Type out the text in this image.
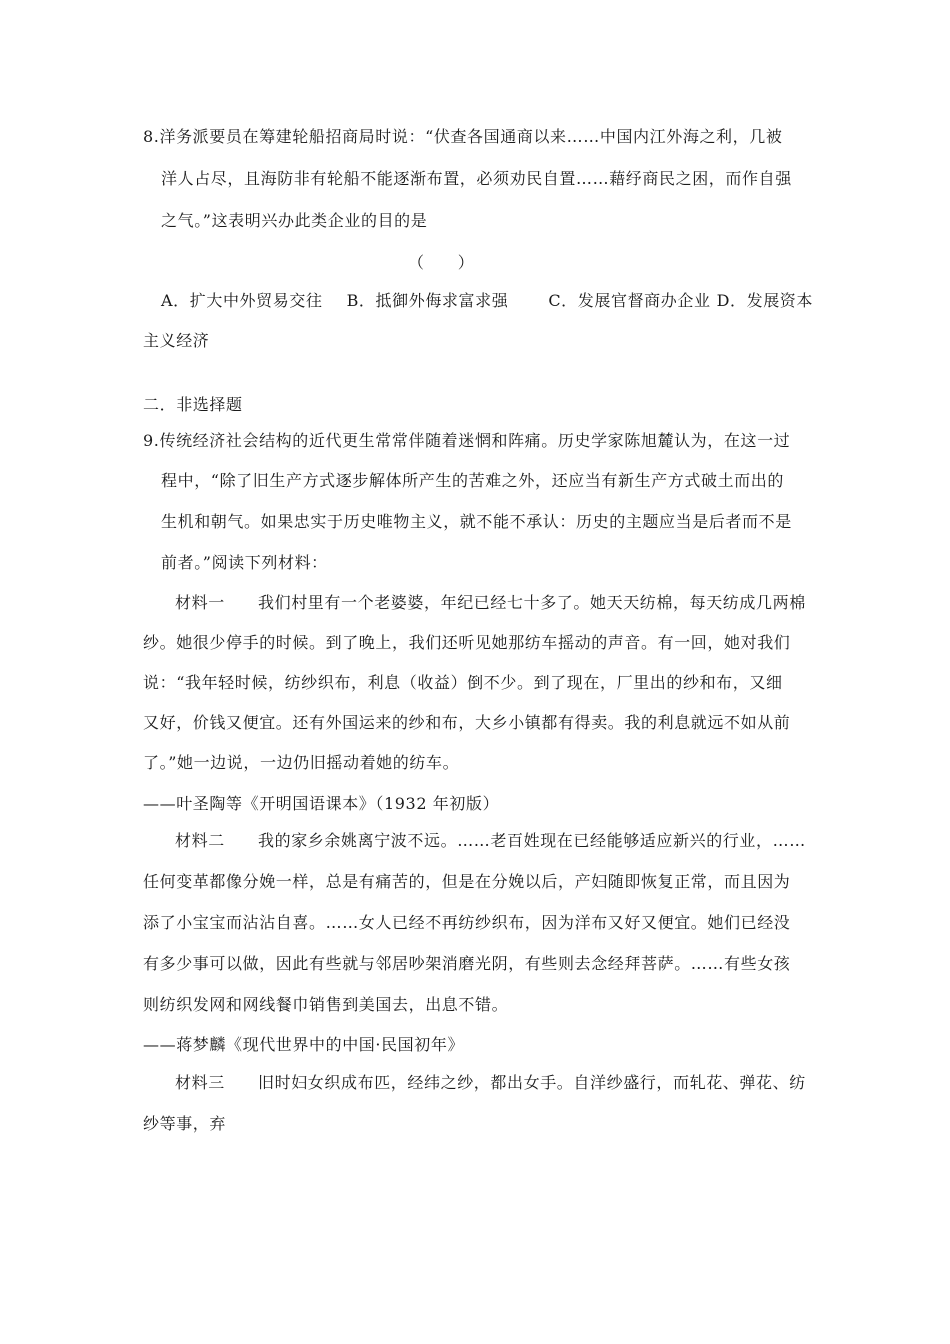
8.洋务派要员在筹建轮船招商局时说：“伏查各国通商以来……中国内江外海之利，几被
洋人占尽，且海防非有轮船不能逐渐布置，必须劝民自置……藉纾商民之困，而作自强
之气。”这表明兴办此类企业的目的是
（　　）
A．扩大中外贸易交往 B．抵御外侮求富求强	C．发展官督商办企业 D．发展资本
主义经济
二．非选择题
9.传统经济社会结构的近代更生常常伴随着迷惘和阵痛。历史学家陈旭麓认为，在这一过
程中，“除了旧生产方式逐步解体所产生的苦难之外，还应当有新生产方式破土而出的
生机和朝气。如果忠实于历史唯物主义，就不能不承认：历史的主题应当是后者而不是
前者。”阅读下列材料：
材料一　　我们村里有一个老婆婆，年纪已经七十多了。她天天纺棉，每天纺成几两棉
纱。她很少停手的时候。到了晚上，我们还听见她那纺车摇动的声音。有一回，她对我们
说：“我年轻时候，纺纱织布，利息（收益）倒不少。到了现在，厂里出的纱和布，又细
又好，价钱又便宜。还有外国运来的纱和布，大乡小镇都有得卖。我的利息就远不如从前
了。”她一边说，一边仍旧摇动着她的纺车。
——叶圣陶等《开明国语课本》（1932 年初版）
材料二　　我的家乡余姚离宁波不远。……老百姓现在已经能够适应新兴的行业，……
任何变革都像分娩一样，总是有痛苦的，但是在分娩以后，产妇随即恢复正常，而且因为
添了小宝宝而沾沾自喜。……女人已经不再纺纱织布，因为洋布又好又便宜。她们已经没
有多少事可以做，因此有些就与邻居吵架消磨光阴，有些则去念经拜菩萨。……有些女孩
则纺织发网和网线餐巾销售到美国去，出息不错。
——蒋梦麟《现代世界中的中国·民国初年》
材料三　　旧时妇女织成布匹，经纬之纱，都出女手。自洋纱盛行，而轧花、弹花、纺
纱等事，弃
